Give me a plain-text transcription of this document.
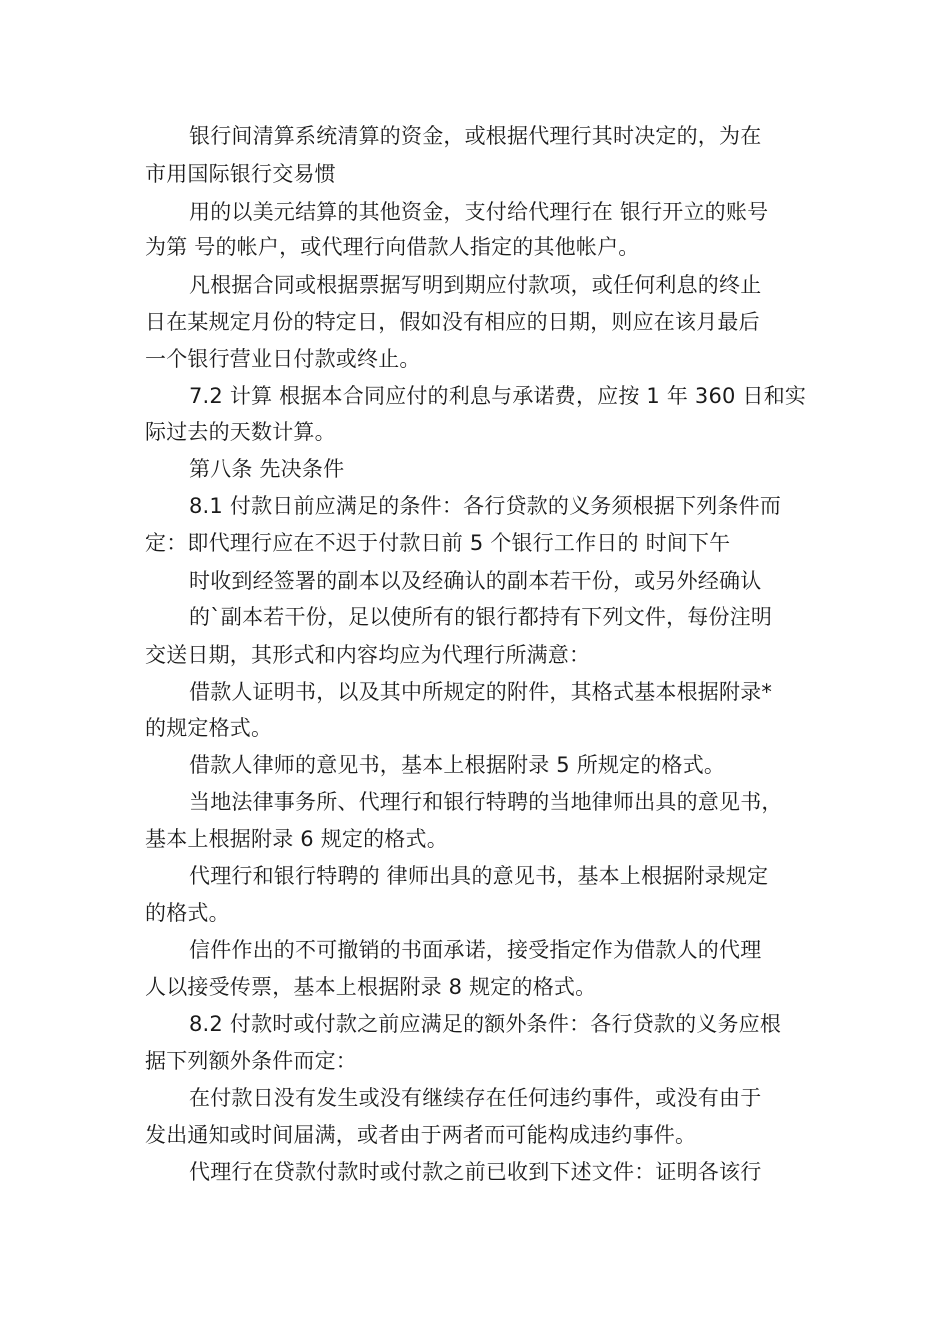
银行间清算系统清算的资金，或根据代理行其时决定的，为在
市用国际银行交易惯
用的以美元结算的其他资金，支付给代理行在 银行开立的账号
为第 号的帐户，或代理行向借款人指定的其他帐户。
凡根据合同或根据票据写明到期应付款项，或任何利息的终止
日在某规定月份的特定日，假如没有相应的日期，则应在该月最后
一个银行营业日付款或终止。
7.2 计算 根据本合同应付的利息与承诺费，应按 1 年 360 日和实
际过去的天数计算。
第八条 先决条件
8.1 付款日前应满足的条件：各行贷款的义务须根据下列条件而
定：即代理行应在不迟于付款日前 5 个银行工作日的 时间下午
时收到经签署的副本以及经确认的副本若干份，或另外经确认
的`副本若干份，足以使所有的银行都持有下列文件，每份注明
交送日期，其形式和内容均应为代理行所满意：
借款人证明书，以及其中所规定的附件，其格式基本根据附录*
的规定格式。
借款人律师的意见书，基本上根据附录 5 所规定的格式。
当地法律事务所、代理行和银行特聘的当地律师出具的意见书，
基本上根据附录 6 规定的格式。
代理行和银行特聘的 律师出具的意见书，基本上根据附录规定
的格式。
信件作出的不可撤销的书面承诺，接受指定作为借款人的代理
人以接受传票，基本上根据附录 8 规定的格式。
8.2 付款时或付款之前应满足的额外条件：各行贷款的义务应根
据下列额外条件而定：
在付款日没有发生或没有继续存在任何违约事件，或没有由于
发出通知或时间届满，或者由于两者而可能构成违约事件。
代理行在贷款付款时或付款之前已收到下述文件：证明各该行
